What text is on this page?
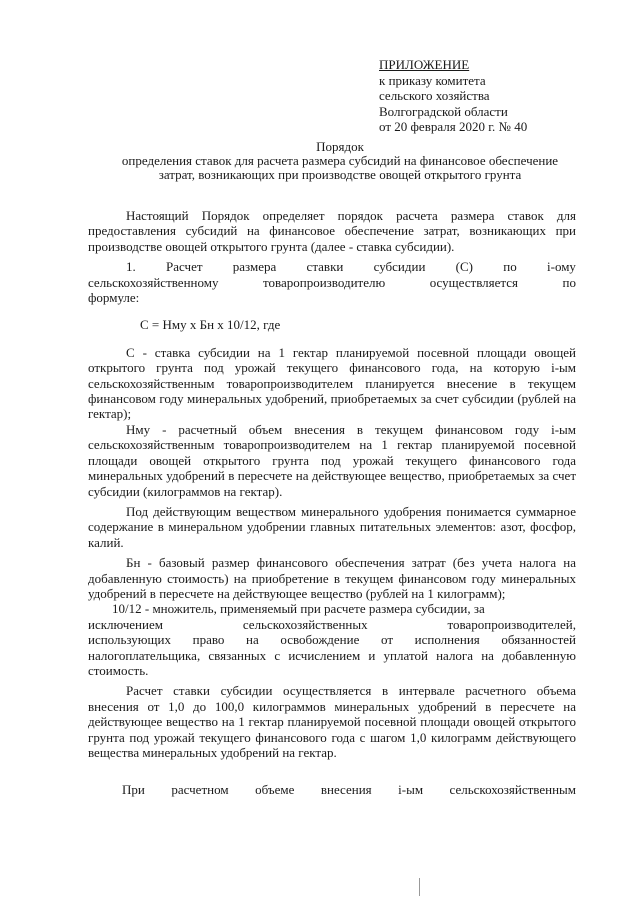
ПРИЛОЖЕНИЕ
к приказу комитета
сельского хозяйства
Волгоградской области
от 20 февраля 2020 г. № 40
Порядок
определения ставок для расчета размера субсидий на финансовое обеспечение затрат, возникающих при производстве овощей открытого грунта

Настоящий Порядок определяет порядок расчета размера ставок для предоставления субсидий на финансовое обеспечение затрат, возникающих при производстве овощей открытого грунта (далее - ставка субсидии).

1. Расчет размера ставки субсидии (С) по i-ому
сельскохозяйственному	товаропроизводителю	осуществляется	по
формуле:

С = Нму х Бн х 10/12, где

С - ставка субсидии на 1 гектар планируемой посевной площади овощей открытого грунта под урожай текущего финансового года, на которую i-ым сельскохозяйственным товаропроизводителем планируется внесение в текущем финансовом году минеральных удобрений, приобретаемых за счет субсидии (рублей на гектар);

Нму - расчетный объем внесения в текущем финансовом году i-ым сельскохозяйственным товаропроизводителем на 1 гектар планируемой посевной площади овощей открытого грунта под урожай текущего финансового года минеральных удобрений в пересчете на действующее вещество, приобретаемых за счет субсидии (килограммов на гектар).

Под действующим веществом минерального удобрения понимается суммарное содержание в минеральном удобрении главных питательных элементов: азот, фосфор, калий.

Бн - базовый размер финансового обеспечения затрат (без учета налога на добавленную стоимость) на приобретение в текущем финансовом году минеральных удобрений в пересчете на действующее вещество (рублей на 1 килограмм);

10/12 - множитель, применяемый при расчете размера субсидии, за
исключением	сельскохозяйственных	товаропроизводителей,
использующих право на освобождение от исполнения обязанностей налогоплательщика, связанных с исчислением и уплатой налога на добавленную стоимость.

Расчет ставки субсидии осуществляется в интервале расчетного объема внесения от 1,0 до 100,0 килограммов минеральных удобрений в пересчете на действующее вещество на 1 гектар планируемой посевной площади овощей открытого грунта под урожай текущего финансового года с шагом 1,0 килограмм действующего вещества минеральных удобрений на гектар.

При расчетном объеме внесения i-ым сельскохозяйственным
